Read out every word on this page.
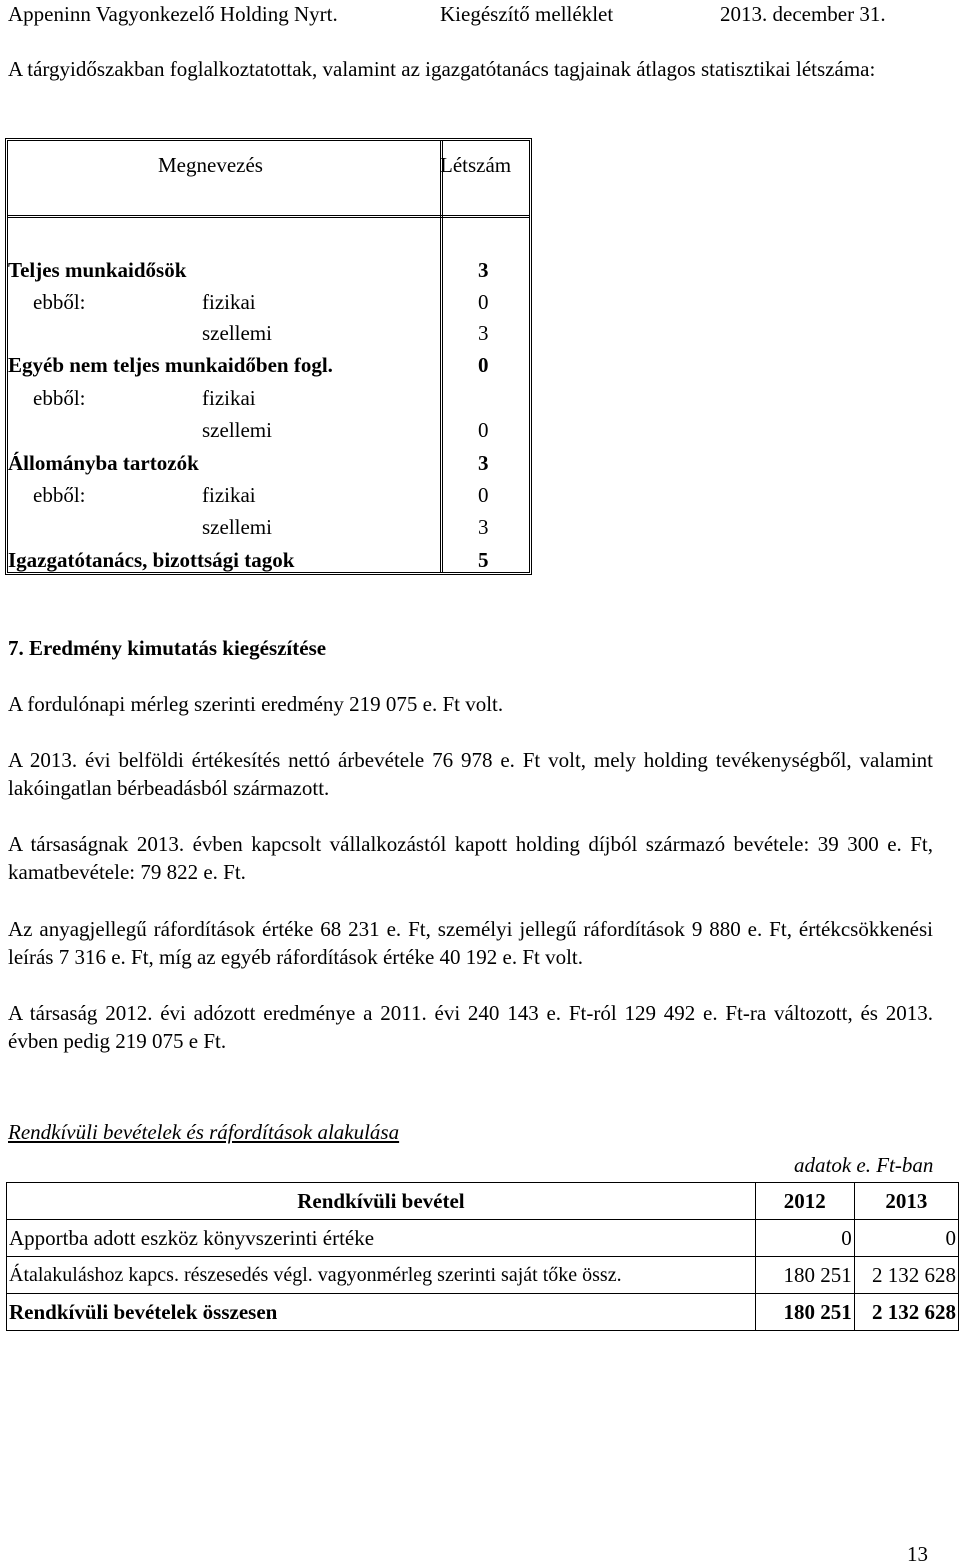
Appeninn Vagyonkezelő Holding Nyrt.	Kiegészítő melléklet	2013. december 31.
A tárgyidőszakban foglalkoztatottak, valamint az igazgatótanács tagjainak átlagos statisztikai létszáma:
Megnevezés	Létszám
Teljes munkaidősök	3
ebből:	fizikai	0
szellemi	3
Egyéb nem teljes munkaidőben fogl.	0
ebből:	fizikai
szellemi	0
Állományba tartozók	3
ebből:	fizikai	0
szellemi	3
Igazgatótanács, bizottsági tagok	5
7. Eredmény kimutatás kiegészítése
A fordulónapi mérleg szerinti eredmény 219 075 e. Ft volt.
A 2013. évi belföldi értékesítés nettó árbevétele 76 978 e. Ft volt, mely holding tevékenységből, valamint lakóingatlan bérbeadásból származott.
A társaságnak 2013. évben kapcsolt vállalkozástól kapott holding díjból származó bevétele: 39 300 e. Ft, kamatbevétele: 79 822 e. Ft.
Az anyagjellegű ráfordítások értéke 68 231 e. Ft, személyi jellegű ráfordítások 9 880 e. Ft, értékcsökkenési leírás 7 316 e. Ft, míg az egyéb ráfordítások értéke 40 192 e. Ft volt.
A társaság 2012. évi adózott eredménye a 2011. évi 240 143 e. Ft-ról 129 492 e. Ft-ra változott, és 2013. évben pedig 219 075 e Ft.
Rendkívüli bevételek és ráfordítások alakulása
adatok e. Ft-ban
Rendkívüli bevétel	2012	2013
Apportba adott eszköz könyvszerinti értéke	0	0
Átalakuláshoz kapcs. részesedés végl. vagyonmérleg szerinti saját tőke össz.	180 251	2 132 628
Rendkívüli bevételek összesen	180 251	2 132 628
13
